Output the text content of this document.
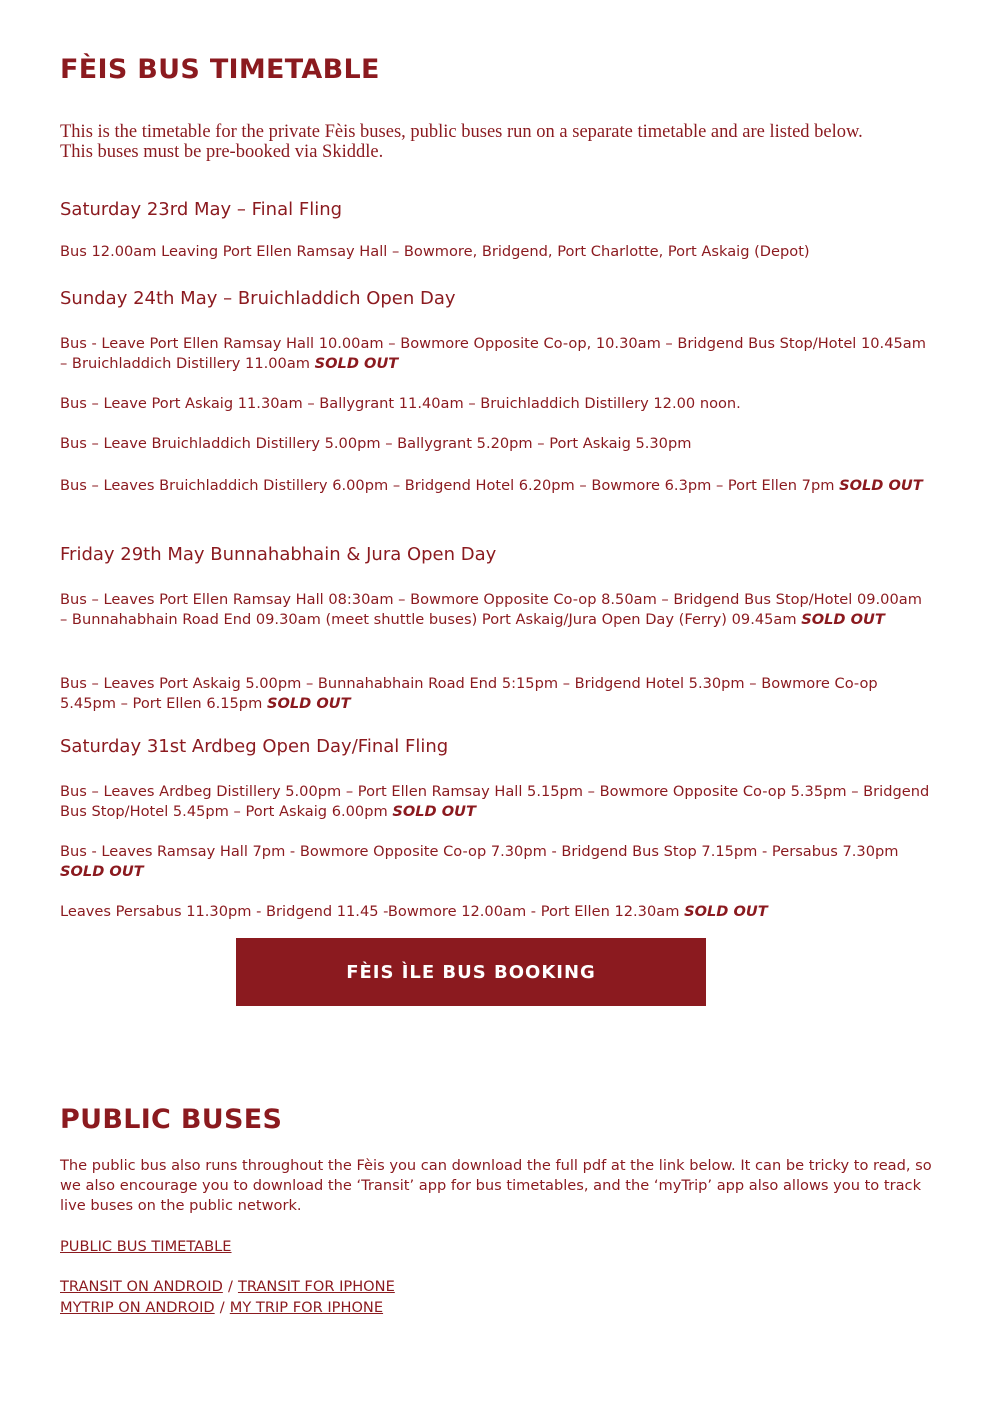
FÈIS BUS TIMETABLE

This is the timetable for the private Fèis buses, public buses run on a separate timetable and are listed below.

This buses must be pre-booked via Skiddle.

Saturday 23rd May – Final Fling

Bus 12.00am Leaving Port Ellen Ramsay Hall – Bowmore, Bridgend, Port Charlotte, Port Askaig (Depot)

Sunday 24th May – Bruichladdich Open Day

Bus - Leave Port Ellen Ramsay Hall 10.00am – Bowmore Opposite Co-op, 10.30am – Bridgend Bus Stop/Hotel 10.45am – Bruichladdich Distillery 11.00am SOLD OUT

Bus – Leave Port Askaig 11.30am – Ballygrant 11.40am – Bruichladdich Distillery 12.00 noon.

Bus – Leave Bruichladdich Distillery 5.00pm – Ballygrant 5.20pm – Port Askaig 5.30pm

Bus – Leaves Bruichladdich Distillery 6.00pm – Bridgend Hotel 6.20pm – Bowmore 6.3pm – Port Ellen 7pm SOLD OUT

Friday 29th May Bunnahabhain & Jura Open Day

Bus – Leaves Port Ellen Ramsay Hall 08:30am – Bowmore Opposite Co-op 8.50am – Bridgend Bus Stop/Hotel 09.00am – Bunnahabhain Road End 09.30am (meet shuttle buses) Port Askaig/Jura Open Day (Ferry) 09.45am SOLD OUT

Bus – Leaves Port Askaig 5.00pm – Bunnahabhain Road End 5:15pm – Bridgend Hotel 5.30pm – Bowmore Co-op 5.45pm – Port Ellen 6.15pm SOLD OUT

Saturday 31st Ardbeg Open Day/Final Fling

Bus – Leaves Ardbeg Distillery 5.00pm – Port Ellen Ramsay Hall 5.15pm – Bowmore Opposite Co-op 5.35pm – Bridgend Bus Stop/Hotel 5.45pm – Port Askaig 6.00pm SOLD OUT

Bus - Leaves Ramsay Hall 7pm - Bowmore Opposite Co-op 7.30pm - Bridgend Bus Stop 7.15pm - Persabus 7.30pm SOLD OUT

Leaves Persabus 11.30pm - Bridgend 11.45 -Bowmore 12.00am - Port Ellen 12.30am SOLD OUT

FÈIS ÌLE BUS BOOKING
PUBLIC BUSES

The public bus also runs throughout the Fèis you can download the full pdf at the link below. It can be tricky to read, so we also encourage you to download the ‘Transit’ app for bus timetables, and the ‘myTrip’ app also allows you to track live buses on the public network.

PUBLIC BUS TIMETABLE
TRANSIT ON ANDROID / TRANSIT FOR IPHONE
MYTRIP ON ANDROID / MY TRIP FOR IPHONE
